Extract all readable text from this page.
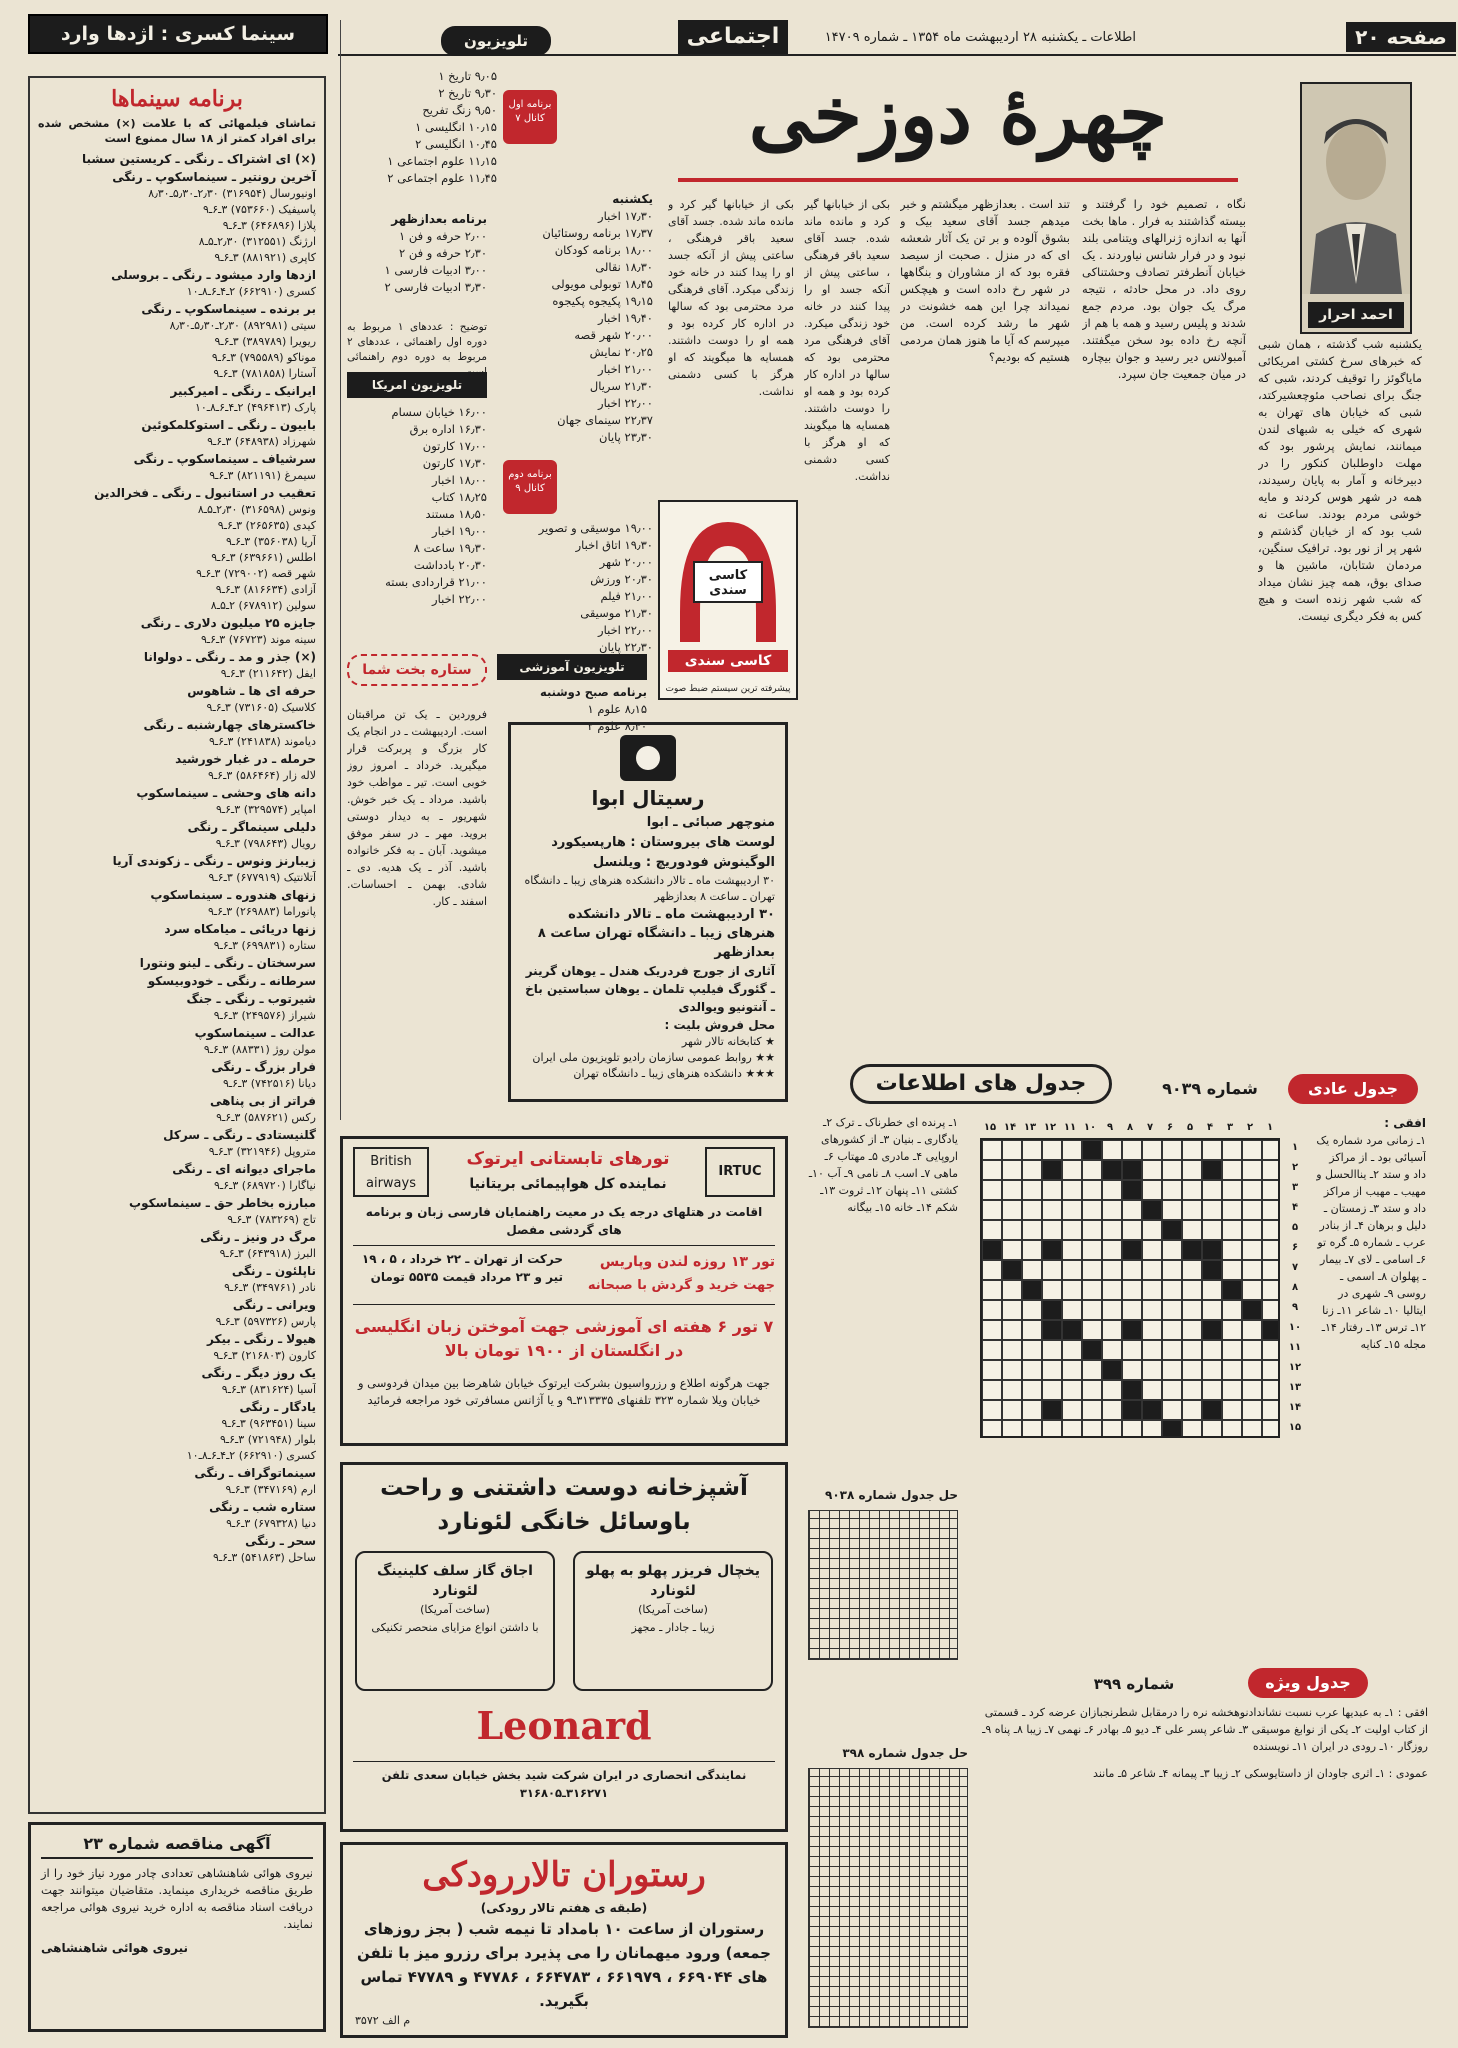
صفحه ۲۰
اطلاعات ـ یکشنبه ۲۸ اردیبهشت ماه ۱۳۵۴ ـ شماره ۱۴۷۰۹
اجتماعی
سینما کسری : اژدها وارد
برنامه سینماها
تماشای فیلمهائی که با علامت (×) مشخص شده برای افراد کمتر از ۱۸ سال ممنوع است
(×) ای اشتراک ـ رنگی ـ کریستین سشبا
آخرین رونتیر ـ سینماسکوپ ـ رنگی
اونیورسال (۳۱۶۹۵۴) ۲٫۳۰ـ۵٫۳۰ـ۸٫۳۰
پاسیفیک (۷۵۳۶۶۰) ۳ـ۶ـ۹
پلازا (۶۴۶۸۹۶) ۳ـ۶ـ۹
ارژنگ (۳۱۲۵۵۱) ۲٫۳۰ـ۵ـ۸
کاپری (۸۸۱۹۲۱) ۳ـ۶ـ۹
ازدها وارد میشود ـ رنگی ـ بروسلی
کسری (۶۶۲۹۱۰) ۲ـ۴ـ۶ـ۸ـ۱۰
بر برنده ـ سینماسکوپ ـ رنگی
سیتی (۸۹۲۹۸۱) ۲٫۳۰ـ۵٫۳۰ـ۸٫۳۰
ریویرا (۳۸۹۷۸۹) ۳ـ۶ـ۹
موناکو (۷۹۵۵۸۹) ۳ـ۶ـ۹
آستارا (۷۸۱۸۵۸) ۳ـ۶ـ۹
ایرانیک ـ رنگی ـ امیرکبیر
پارک (۴۹۶۴۱۳) ۲ـ۴ـ۶ـ۸ـ۱۰
بابیون ـ رنگی ـ استوکلمکوئین
شهرزاد (۶۴۸۹۳۸) ۳ـ۶ـ۹
سرشیاف ـ سینماسکوپ ـ رنگی
سیمرغ (۸۲۱۱۹۱) ۳ـ۶ـ۹
تعقیب در استانبول ـ رنگی ـ فخرالدین
ونوس (۳۱۶۵۹۸) ۲٫۳۰ـ۵ـ۸
کیدی (۲۶۵۶۳۵) ۳ـ۶ـ۹
آریا (۳۵۶۰۳۸) ۳ـ۶ـ۹
اطلس (۶۳۹۶۶۱) ۳ـ۶ـ۹
شهر قصه (۷۲۹۰۰۲) ۳ـ۶ـ۹
آزادی (۸۱۶۶۳۴) ۳ـ۶ـ۹
سولین (۶۷۸۹۱۲) ۲ـ۵ـ۸
جایزه ۲۵ میلیون دلاری ـ رنگی
سینه موند (۷۶۷۲۳) ۳ـ۶ـ۹
(×) جذر و مد ـ رنگی ـ دولوانا
ایفل (۲۱۱۶۴۲) ۳ـ۶ـ۹
حرفه ای ها ـ شاهوس
کلاسیک (۷۳۱۶۰۵) ۳ـ۶ـ۹
خاکسترهای چهارشنبه ـ رنگی
دیاموند (۲۴۱۸۳۸) ۳ـ۶ـ۹
حرمله ـ در غبار خورشید
لاله زار (۵۸۶۴۶۴) ۳ـ۶ـ۹
دانه های وحشی ـ سینماسکوپ
امپایر (۳۲۹۵۷۴) ۳ـ۶ـ۹
دلیلی سینماگر ـ رنگی
رویال (۷۹۸۶۴۳) ۳ـ۶ـ۹
زیبارنز ونوس ـ رنگی ـ زکوندی آریا
آتلانتیک (۶۷۷۹۱۹) ۳ـ۶ـ۹
زنهای هندوره ـ سینماسکوپ
پانوراما (۲۶۹۸۸۳) ۳ـ۶ـ۹
زنها دریائی ـ میامکاه سرد
ستاره (۶۹۹۸۳۱) ۳ـ۶ـ۹
سرسختان ـ رنگی ـ لینو ونتورا
سرطانه ـ رنگی ـ خودوبیسکو
شیرتوب ـ رنگی ـ جنگ
شیراز (۲۴۹۵۷۶) ۳ـ۶ـ۹
عدالت ـ سینماسکوپ
مولن روژ (۸۸۳۳۱) ۳ـ۶ـ۹
فرار بزرگ ـ رنگی
دیانا (۷۴۲۵۱۶) ۳ـ۶ـ۹
فراتر از بی پناهی
رکس (۵۸۷۶۲۱) ۳ـ۶ـ۹
گلنیستادی ـ رنگی ـ سرکل
متروپل (۳۲۱۹۴۶) ۳ـ۶ـ۹
ماجرای دیوانه ای ـ رنگی
نیاگارا (۶۸۹۷۲۰) ۳ـ۶ـ۹
مبارزه بخاطر حق ـ سینماسکوپ
تاج (۷۸۳۲۶۹) ۳ـ۶ـ۹
مرگ در ونیز ـ رنگی
البرز (۶۴۳۹۱۸) ۳ـ۶ـ۹
ناپلئون ـ رنگی
نادر (۳۴۹۷۶۱) ۳ـ۶ـ۹
ویرانی ـ رنگی
پارس (۵۹۷۳۲۶) ۳ـ۶ـ۹
هیولا ـ رنگی ـ بیکر
کارون (۲۱۶۸۰۳) ۳ـ۶ـ۹
یک روز دیگر ـ رنگی
آسیا (۸۳۱۶۲۴) ۳ـ۶ـ۹
یادگار ـ رنگی
سینا (۹۶۳۴۵۱) ۳ـ۶ـ۹
بلوار (۷۲۱۹۴۸) ۳ـ۶ـ۹
کسری (۶۶۲۹۱۰) ۲ـ۴ـ۶ـ۸ـ۱۰
سینماتوگراف ـ رنگی
ارم (۳۴۷۱۶۹) ۳ـ۶ـ۹
ستاره شب ـ رنگی
دنیا (۶۷۹۳۲۸) ۳ـ۶ـ۹
سحر ـ رنگی
ساحل (۵۴۱۸۶۳) ۳ـ۶ـ۹
آگهی مناقصه شماره ۲۳
نیروی هوائی شاهنشاهی تعدادی چادر مورد نیاز خود را از طریق مناقصه خریداری مینماید. متقاضیان میتوانند جهت دریافت اسناد مناقصه به اداره خرید نیروی هوائی مراجعه نمایند.
نیروی هوائی شاهنشاهی
تلویزیون
۹٫۰۵ تاریخ ۱
۹٫۳۰ تاریخ ۲
۹٫۵۰ زنگ تفریح
۱۰٫۱۵ انگلیسی ۱
۱۰٫۴۵ انگلیسی ۲
۱۱٫۱۵ علوم اجتماعی ۱
۱۱٫۴۵ علوم اجتماعی ۲
برنامه اول کانال ۷
یکشنبه
۱۷٫۳۰ اخبار
۱۷٫۳۷ برنامه روستائیان
۱۸٫۰۰ برنامه کودکان
۱۸٫۳۰ نقالی
۱۸٫۴۵ توبولی مویولی
۱۹٫۱۵ پکیجوه پکیجوه
۱۹٫۴۰ اخبار
۲۰٫۰۰ شهر قصه
۲۰٫۲۵ نمایش
۲۱٫۰۰ اخبار
۲۱٫۳۰ سریال
۲۲٫۰۰ اخبار
۲۲٫۳۷ سینمای جهان
۲۳٫۳۰ پایان
برنامه بعدازظهر
۲٫۰۰ حرفه و فن ۱
۲٫۳۰ حرفه و فن ۲
۳٫۰۰ ادبیات فارسی ۱
۳٫۳۰ ادبیات فارسی ۲
توضیح : عددهای ۱ مربوط به دوره اول راهنمائی ، عددهای ۲ مربوط به دوره دوم راهنمائی
تلویزیون امریکا
۱۶٫۰۰ خیابان سسام
۱۶٫۳۰ اداره برق
۱۷٫۰۰ کارتون
۱۷٫۳۰ کارتون
۱۸٫۰۰ اخبار
۱۸٫۲۵ کتاب
۱۸٫۵۰ مستند
۱۹٫۰۰ اخبار
۱۹٫۳۰ ساعت ۸
۲۰٫۳۰ بادداشت
۲۱٫۰۰ قراردادی بسته
۲۲٫۰۰ اخبار
برنامه دوم کانال ۹
۱۹٫۰۰ موسیقی و تصویر
۱۹٫۳۰ اتاق اخبار
۲۰٫۰۰ شهر
۲۰٫۳۰ ورزش
۲۱٫۰۰ فیلم
۲۱٫۳۰ موسیقی
۲۲٫۰۰ اخبار
۲۲٫۳۰ پایان
ستاره بخت شما	تلویزیون آموزشی
برنامه صبح دوشنبه
۸٫۱۵ علوم ۱
۸٫۴۰ علوم ۲
فروردین ـ یک تن مراقبتان است. اردیبهشت ـ در انجام یک کار بزرگ و پربرکت قرار میگیرید. خرداد ـ امروز روز خوبی است. تیر ـ مواظب خود باشید. مرداد ـ یک خبر خوش. شهریور ـ به دیدار دوستی بروید. مهر ـ در سفر موفق میشوید. آبان ـ به فکر خانواده باشید. آذر ـ یک هدیه. دی ـ شادی. بهمن ـ احساسات. اسفند ـ کار.
چهرهٔ دوزخی
احمد احرار

یکشنبه شب گذشته ، همان شبی که خبرهای سرخ کشتی امریکائی مایاگوئز را توقیف کردند، شبی که جنگ برای نصاحب مئوچعشیرکتد، شبی که خیابان های تهران به شهری که خیلی به شبهای لندن میمانند، نمایش پرشور بود که مهلت داوطلبان کنکور را در دبیرخانه و آمار به پایان رسیدند، همه در شهر هوس کردند و مایه خوشی مردم بودند. ساعت نه شب بود که از خیابان گذشتم و شهر پر از نور بود. ترافیک سنگین، مردمان شتابان، ماشین ها و صدای بوق، همه چیز نشان میداد که شب شهر زنده است و هیچ کس به فکر دیگری نیست.

نگاه ، تصمیم خود را گرفتند و بیسته گذاشتند به فرار . ماها بخت آنها به اندازه ژنرالهای ویتنامی بلند نبود و در فرار شانس نیاوردند . یک خیابان آنطرفتر تصادف وحشتناکی روی داد. در محل حادثه ، نتیجه مرگ یک جوان بود. مردم جمع شدند و پلیس رسید و همه با هم از آنچه رخ داده بود سخن میگفتند. آمبولانس دیر رسید و جوان بیچاره در میان جمعیت جان سپرد.

تند است . بعدازظهر میگشتم و خبر میدهم جسد آقای سعید بیک و بشوق آلوده و بر تن یک آثار شعشه ای که در منزل . صحبت از سیصد فقره بود که از مشاوران و بنگاهها در شهر رخ داده است و هیچکس نمیداند چرا این همه خشونت در شهر ما رشد کرده است. من میپرسم که آیا ما هنوز همان مردمی هستیم که بودیم؟

بکی از خیابانها گیر کرد و مانده ماند شده. جسد آقای سعید باقر فرهنگی ، ساعتی پیش از آنکه جسد او را پیدا کنند در خانه خود زندگی میکرد. آقای فرهنگی مرد محترمی بود که سالها در اداره کار کرده بود و همه او را دوست داشتند. همسایه ها میگویند که او هرگز با کسی دشمنی نداشت.

بکی از خیابانها گیر کرد و مانده ماند شده. جسد آقای سعید باقر فرهنگی ، ساعتی پیش از آنکه جسد او را پیدا کنند در خانه خود زندگی میکرد. آقای فرهنگی مرد محترمی بود که سالها در اداره کار کرده بود و همه او را دوست داشتند. همسایه ها میگویند که او هرگز با کسی دشمنی نداشت.

کاسی سندی
کاسی سندی
پیشرفته ترین سیستم ضبط صوت
رسیتال ابوا
منوچهر صبائی ـ ابوا
لوست های بیروستان : هارپسیکورد
الوگینوش فودوریچ : ویلنسل
۳۰ اردیبهشت ماه ـ تالار دانشکده هنرهای زیبا ـ دانشگاه تهران ـ ساعت ۸ بعدازظهر
۳۰ اردیبهشت ماه ـ تالار دانشکده هنرهای زیبا ـ دانشگاه تهران ساعت ۸ بعدازظهر
آثاری از جورج فردریک هندل ـ یوهان گرینر ـ گئورگ فیلیپ تلمان ـ یوهان سباستین باخ ـ آنتونیو ویوالدی
محل فروش بلیت :
★ کتابخانه تالار شهر
★★ روابط عمومی سازمان رادیو تلویزیون ملی ایران
★★★ دانشکده هنرهای زیبا ـ دانشگاه تهران
British airways
IRTUC
تورهای تابستانی ایرتوک
نماینده کل هواپیمائی بریتانیا
اقامت در هتلهای درجه یک در معیت راهنمایان فارسی زبان و برنامه های گردشی مفصل
تور ۱۳ روزه لندن وپاریس
جهت خرید و گردش با صبحانه
حرکت از تهران ـ ۲۲ خرداد ، ۵ ، ۱۹ تیر و ۲۳ مرداد قیمت ۵۵۳۵ تومان
۷ تور ۶ هفته ای آموزشی جهت آموختن زبان انگلیسی در انگلستان از ۱۹۰۰ تومان بالا
جهت هرگونه اطلاع و رزرواسیون بشرکت ایرتوک خیابان شاهرضا بین میدان فردوسی و خیابان ویلا شماره ۳۲۳ تلفنهای ۳۱۳۳۳۵ـ۹ و یا آژانس مسافرتی خود مراجعه فرمائید
آشپزخانه دوست داشتنی و راحت
باوسائل خانگی لئونارد
یخچال فریزر پهلو به پهلو لئونارد
(ساخت آمریکا)
زیبا ـ جادار ـ مجهز
اجاق گاز سلف کلینینگ لئونارد
(ساخت آمریکا)
با داشتن انواع مزایای منحصر تکنیکی
Leonard
نمایندگی انحصاری در ایران شرکت شید بخش خیابان سعدی تلفن ۳۱۶۲۷۱ـ۳۱۶۸۰۵
رستوران تالاررودکی
(طبقه ی هفتم تالار رودکی)
رستوران از ساعت ۱۰ بامداد تا نیمه شب ( بجز روزهای جمعه) ورود میهمانان را می پذیرد برای رزرو میز با تلفن های ۶۶۹۰۴۴ ، ۶۶۱۹۷۹ ، ۶۶۴۷۸۳ ، ۴۷۷۸۶ و ۴۷۷۸۹ تماس بگیرید.
م الف ۳۵۷۲
جدول های اطلاعات	جدول عادی
شماره ۹۰۳۹
افقی :
۱ـ زمانی مرد شماره یک آسیائی بود ـ از مراکز داد و ستد ۲ـ یناالحسل و مهیب ـ مهیب از مراکز داد و ستد ۳ـ زمستان ـ دلیل و برهان ۴ـ از بنادر عرب ـ شماره ۵ـ گره تو ۶ـ اسامی ـ لای ۷ـ بیمار ـ پهلوان ۸ـ اسمی ـ روسی ۹ـ شهری در ایتالیا ۱۰ـ شاعر ۱۱ـ زنا ۱۲ـ ترس ۱۳ـ رفتار ۱۴ـ مجله ۱۵ـ کنایه
۱ـ پرنده ای خطرناک ـ ترک ۲ـ یادگاری ـ بنیان ۳ـ از کشورهای اروپایی ۴ـ مادری ۵ـ مهتاب ۶ـ ماهی ۷ـ اسب ۸ـ نامی ۹ـ آب ۱۰ـ کشتی ۱۱ـ پنهان ۱۲ـ ثروت ۱۳ـ شکم ۱۴ـ خانه ۱۵ـ بیگانه
۱
۲
۳
۴
۵
۶
۷
۸
۹
۱۰
۱۱
۱۲
۱۳
۱۴
۱۵
۱
۲
۳
۴
۵
۶
۷
۸
۹
۱۰
۱۱
۱۲
۱۳
۱۴
۱۵
حل جدول شماره ۹۰۳۸
جدول ویژه
شماره ۳۹۹
افقی : ۱ـ به عبدیها عرب نسبت نشاندادنوهخشه نره را درمقابل شطرنجبازان عرضه کرد ـ قسمتی از کتاب اولیت ۲ـ یکی از نوابغ موسیقی ۳ـ شاعر پسر علی ۴ـ دیو ۵ـ بهادر ۶ـ نهمی ۷ـ زیبا ۸ـ پناه ۹ـ روزگار ۱۰ـ رودی در ایران ۱۱ـ نویسنده
عمودی : ۱ـ اثری جاودان از داستایوسکی ۲ـ زیبا ۳ـ پیمانه ۴ـ شاعر ۵ـ مانند
حل جدول شماره ۳۹۸
